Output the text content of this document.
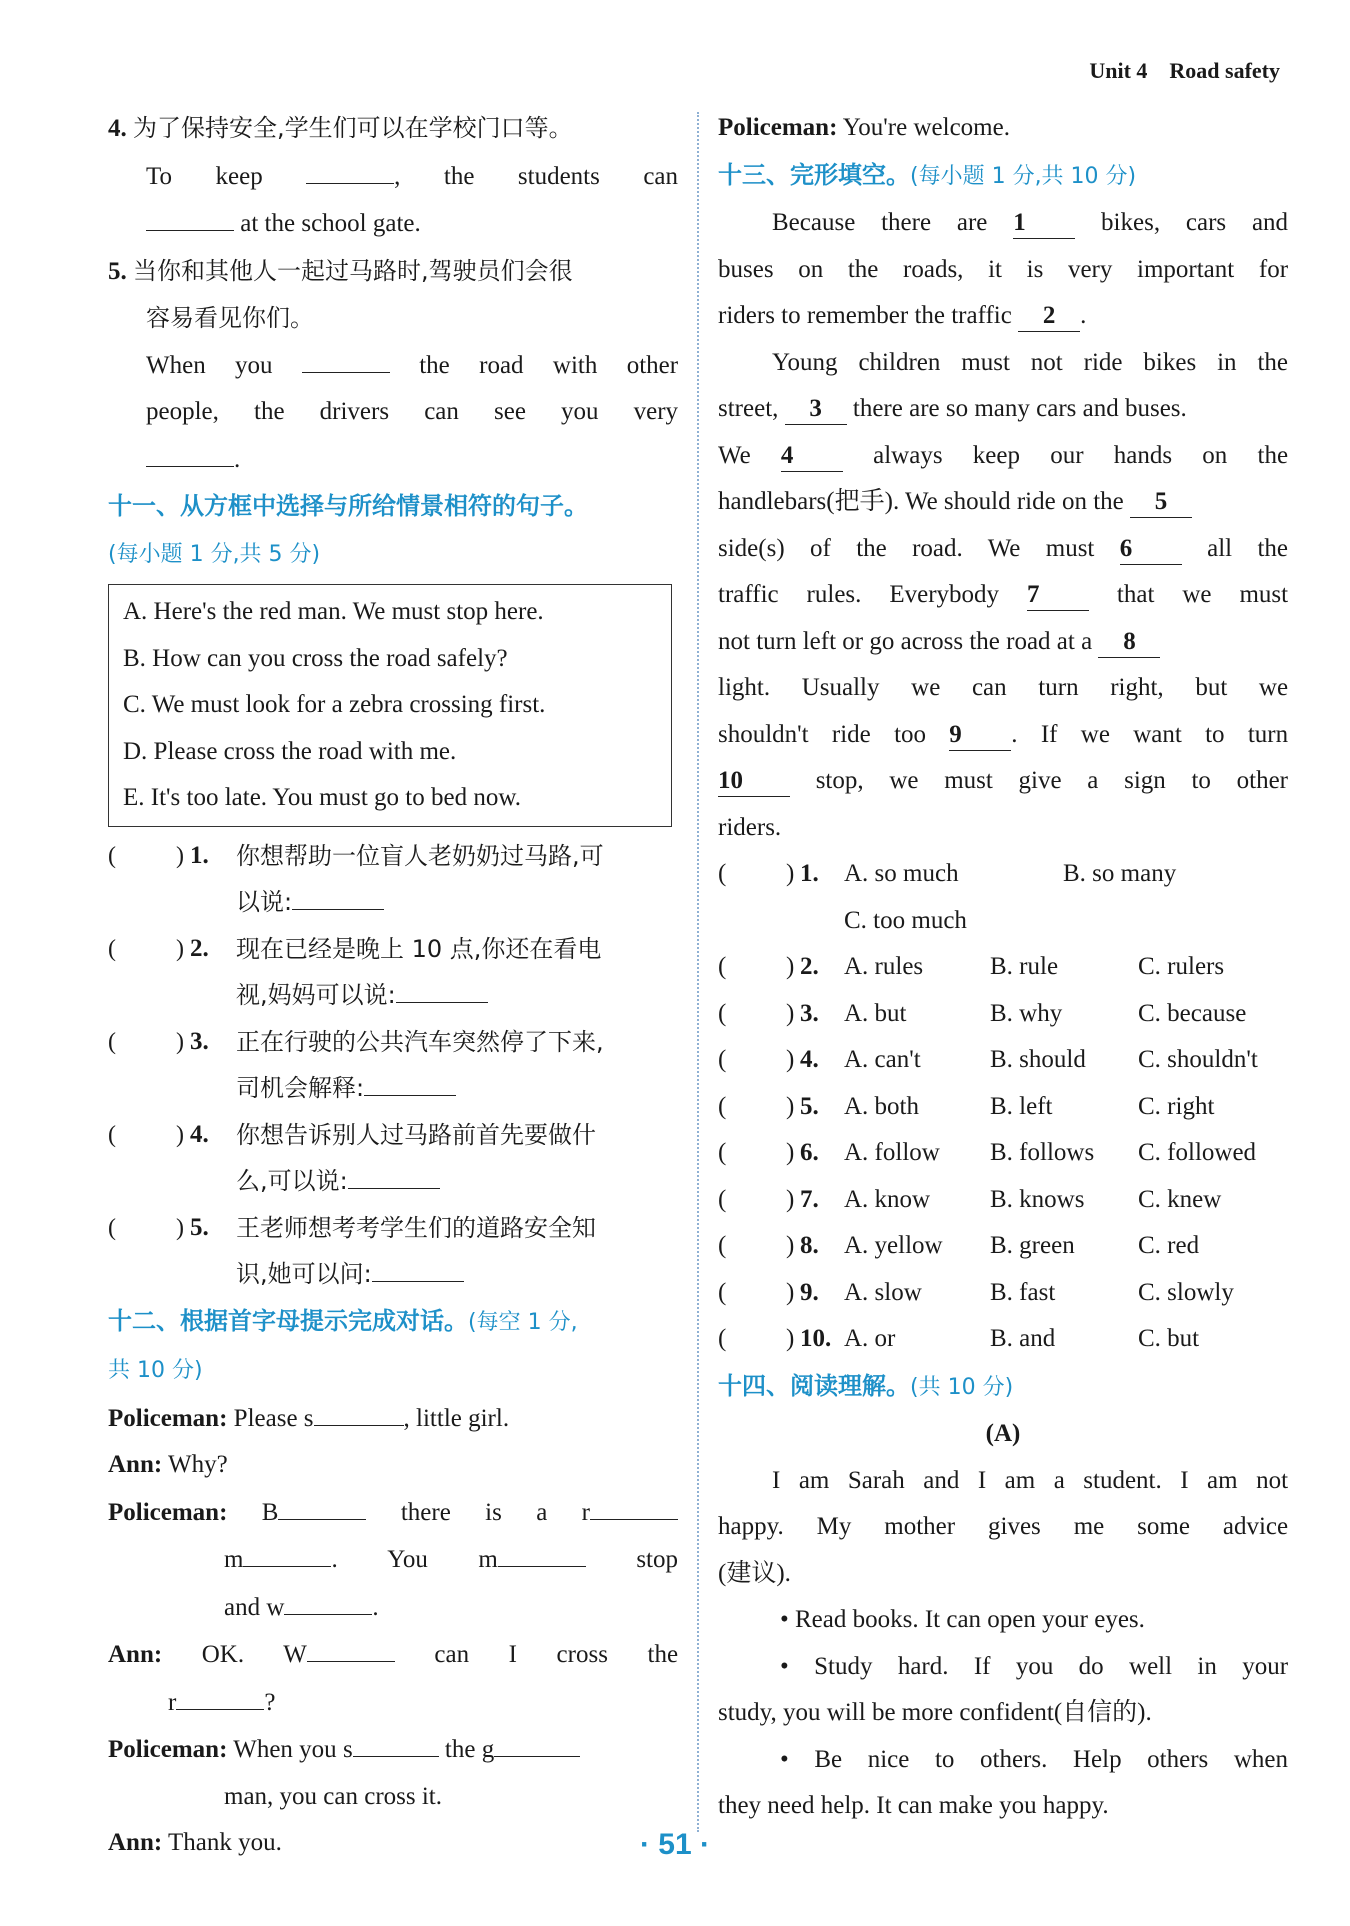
Unit 4 Road safety
4. 为了保持安全,学生们可以在学校门口等。
To keep	, the students can
at the school gate.
5. 当你和其他人一起过马路时,驾驶员们会很
容易看见你们。
When you	the road with other
people, the drivers can see you very
.
十一、从方框中选择与所给情景相符的句子。
(每小题 1 分,共 5 分)
A. Here's the red man. We must stop here.
B. How can you cross the road safely?
C. We must look for a zebra crossing first.
D. Please cross the road with me.
E. It's too late. You must go to bed now.
(	) 1.	你想帮助一位盲人老奶奶过马路,可
以说:
(	) 2.	现在已经是晚上 10 点,你还在看电
视,妈妈可以说:
(	) 3.	正在行驶的公共汽车突然停了下来,
司机会解释:
(	) 4.	你想告诉别人过马路前首先要做什
么,可以说:
(	) 5.	王老师想考考学生们的道路安全知
识,她可以问:
十二、根据首字母提示完成对话。(每空 1 分,
共 10 分)
Policeman: Please s	, little girl.
Ann: Why?
Policeman: B	there is a r
m	. You m	stop
and w	.
Ann: OK. W	can I cross the
r	?
Policeman: When you s	the g
man, you can cross it.
Ann: Thank you.
Policeman: You're welcome.
十三、完形填空。(每小题 1 分,共 10 分)
Because there are 1	bikes, cars and
buses on the roads, it is very important for
riders to remember the traffic 2 .
Young children must not ride bikes in the
street, 3 there are so many cars and buses.
We 4	always keep our hands on the
handlebars(把手). We should ride on the 5
side(s) of the road. We must 6	all the
traffic rules. Everybody 7	that we must
not turn left or go across the road at a 8
light. Usually we can turn right, but we
shouldn't ride too 9 . If we want to turn
10	stop, we must give a sign to other
riders.
( ) 1. A. so much	B. so many
C. too much
( ) 2. A. rules	B. rule	C. rulers
( ) 3. A. but	B. why	C. because
( ) 4. A. can't	B. should C. shouldn't
( ) 5. A. both	B. left	C. right
( ) 6. A. follow B. follows C. followed
( ) 7. A. know B. knows C. knew
( ) 8. A. yellow B. green	C. red
( ) 9. A. slow	B. fast	C. slowly
( ) 10. A. or	B. and	C. but
十四、阅读理解。(共 10 分)
(A)
I am Sarah and I am a student. I am not
happy. My mother gives me some advice
(建议).
• Read books. It can open your eyes.
• Study hard. If you do well in your
study, you will be more confident(自信的).
• Be nice to others. Help others when
they need help. It can make you happy.
· 51 ·
